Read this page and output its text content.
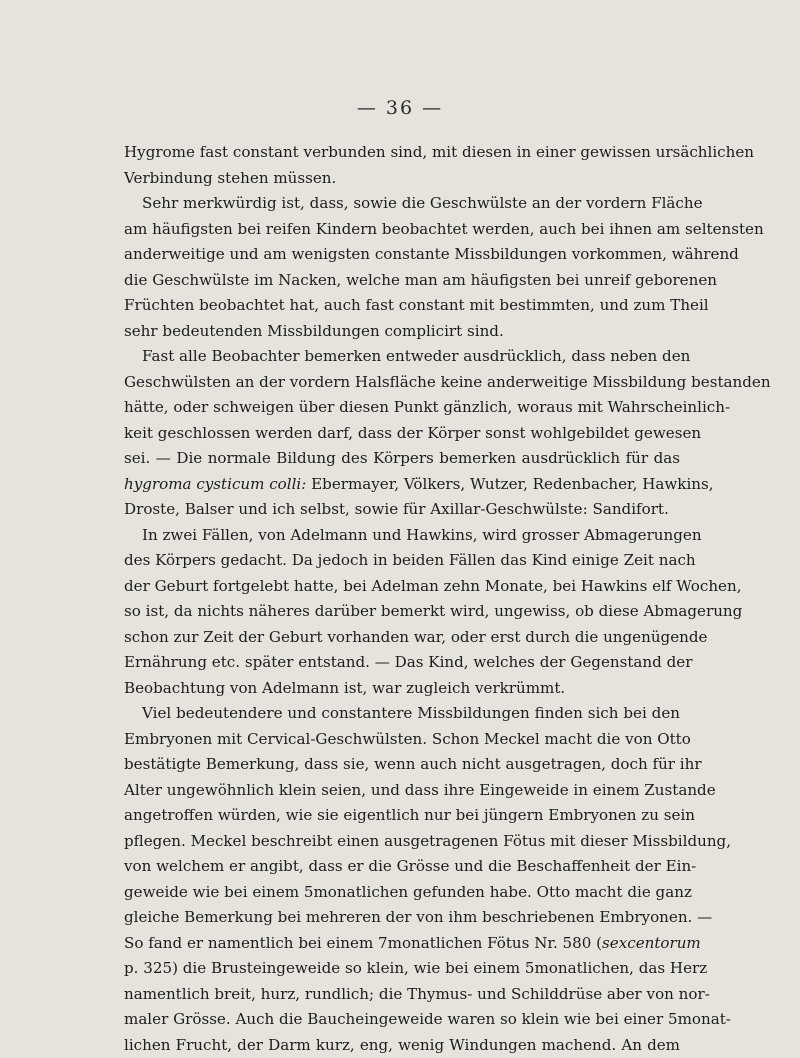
— 36 —
Hygrome fast constant verbunden sind, mit diesen in einer gewissen ursächlichen
Verbindung stehen müssen.
Sehr merkwürdig ist, dass, sowie die Geschwülste an der vordern Fläche
am häufigsten bei reifen Kindern beobachtet werden, auch bei ihnen am seltensten
anderweitige und am wenigsten constante Missbildungen vorkommen, während
die Geschwülste im Nacken, welche man am häufigsten bei unreif geborenen
Früchten beobachtet hat, auch fast constant mit bestimmten, und zum Theil
sehr bedeutenden Missbildungen complicirt sind.
Fast alle Beobachter bemerken entweder ausdrücklich, dass neben den
Geschwülsten an der vordern Halsfläche keine anderweitige Missbildung bestanden
hätte, oder schweigen über diesen Punkt gänzlich, woraus mit Wahrscheinlich-
keit geschlossen werden darf, dass der Körper sonst wohlgebildet gewesen
sei. — Die normale Bildung des Körpers bemerken ausdrücklich für das
hygroma cysticum colli: Ebermayer, Völkers, Wutzer, Redenbacher, Hawkins,
Droste, Balser und ich selbst, sowie für Axillar-Geschwülste: Sandifort.
In zwei Fällen, von Adelmann und Hawkins, wird grosser Abmagerungen
des Körpers gedacht. Da jedoch in beiden Fällen das Kind einige Zeit nach
der Geburt fortgelebt hatte, bei Adelman zehn Monate, bei Hawkins elf Wochen,
so ist, da nichts näheres darüber bemerkt wird, ungewiss, ob diese Abmagerung
schon zur Zeit der Geburt vorhanden war, oder erst durch die ungenügende
Ernährung etc. später entstand. — Das Kind, welches der Gegenstand der
Beobachtung von Adelmann ist, war zugleich verkrümmt.
Viel bedeutendere und constantere Missbildungen finden sich bei den
Embryonen mit Cervical-Geschwülsten. Schon Meckel macht die von Otto
bestätigte Bemerkung, dass sie, wenn auch nicht ausgetragen, doch für ihr
Alter ungewöhnlich klein seien, und dass ihre Eingeweide in einem Zustande
angetroffen würden, wie sie eigentlich nur bei jüngern Embryonen zu sein
pflegen. Meckel beschreibt einen ausgetragenen Fötus mit dieser Missbildung,
von welchem er angibt, dass er die Grösse und die Beschaffenheit der Ein-
geweide wie bei einem 5monatlichen gefunden habe. Otto macht die ganz
gleiche Bemerkung bei mehreren der von ihm beschriebenen Embryonen. —
So fand er namentlich bei einem 7monatlichen Fötus Nr. 580 (sexcentorum
p. 325) die Brusteingeweide so klein, wie bei einem 5monatlichen, das Herz
namentlich breit, hurz, rundlich; die Thymus- und Schilddrüse aber von nor-
maler Grösse. Auch die Baucheingeweide waren so klein wie bei einer 5monat-
lichen Frucht, der Darm kurz, eng, wenig Windungen machend. An dem
